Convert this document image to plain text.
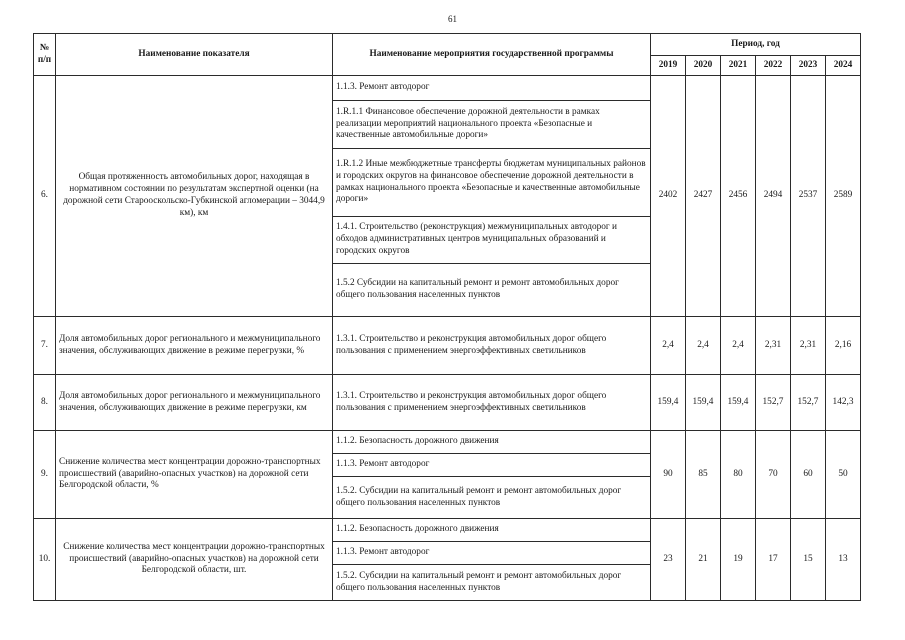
61
№ п/п	Наименование показателя	Наименование мероприятия государственной программы	Период, год					
			2019	2020	2021	2022	2023	2024
6.	Общая протяженность автомобильных дорог, находящая в нормативном состоянии по результатам экспертной оценки (на дорожной сети Старооскольско-Губкинской агломерации – 3044,9 км), км	1.1.3. Ремонт автодорог	2402	2427	2456	2494	2537	2589
		1.R.1.1 Финансовое обеспечение дорожной деятельности в рамках реализации мероприятий национального проекта «Безопасные и качественные автомобильные дороги»						
		1.R.1.2 Иные межбюджетные трансферты бюджетам муниципальных районов и городских округов на финансовое обеспечение дорожной деятельности в рамках национального проекта «Безопасные и качественные автомобильные дороги»						
		1.4.1. Строительство (реконструкция) межмуниципальных автодорог и обходов административных центров муниципальных образований и городских округов						
		1.5.2 Субсидии на капитальный ремонт и ремонт автомобильных дорог общего пользования населенных пунктов						
7.	Доля автомобильных дорог регионального и межмуниципального значения, обслуживающих движение в режиме перегрузки, %	1.3.1. Строительство и реконструкция автомобильных дорог общего пользования с применением энергоэффективных светильников	2,4	2,4	2,4	2,31	2,31	2,16
8.	Доля автомобильных дорог регионального и межмуниципального значения, обслуживающих движение в режиме перегрузки, км	1.3.1. Строительство и реконструкция автомобильных дорог общего пользования с применением энергоэффективных светильников	159,4	159,4	159,4	152,7	152,7	142,3
9.	Снижение количества мест концентрации дорожно-транспортных происшествий (аварийно-опасных участков) на дорожной сети Белгородской области, %	1.1.2. Безопасность дорожного движения	90	85	80	70	60	50
		1.1.3. Ремонт автодорог						
		1.5.2. Субсидии на капитальный ремонт и ремонт автомобильных дорог общего пользования населенных пунктов						
10.	Снижение количества мест концентрации дорожно-транспортных происшествий (аварийно-опасных участков) на дорожной сети Белгородской области, шт.	1.1.2. Безопасность дорожного движения	23	21	19	17	15	13
		1.1.3. Ремонт автодорог						
		1.5.2. Субсидии на капитальный ремонт и ремонт автомобильных дорог общего пользования населенных пунктов						
